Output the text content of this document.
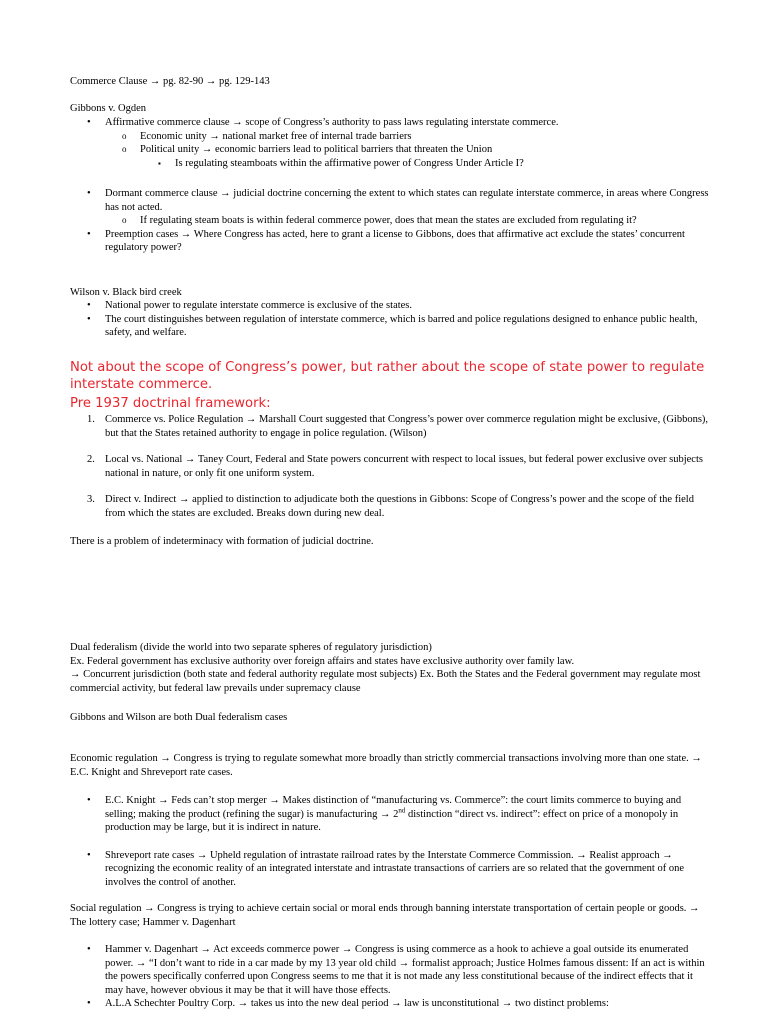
Commerce Clause → pg. 82-90 → pg. 129-143

Gibbons v. Ogden

• Affirmative commerce clause → scope of Congress’s authority to pass laws regulating interstate commerce.
o Economic unity → national market free of internal trade barriers
o Political unity → economic barriers lead to political barriers that threaten the Union
▪ Is regulating steamboats within the affirmative power of Congress Under Article I?
• Dormant commerce clause → judicial doctrine concerning the extent to which states can regulate interstate commerce, in areas where Congress has not acted.
o If regulating steam boats is within federal commerce power, does that mean the states are excluded from regulating it?
• Preemption cases → Where Congress has acted, here to grant a license to Gibbons, does that affirmative act exclude the states’ concurrent regulatory power?

Wilson v. Black bird creek

• National power to regulate interstate commerce is exclusive of the states.
• The court distinguishes between regulation of interstate commerce, which is barred and police regulations designed to enhance public health, safety, and welfare.

Not about the scope of Congress’s power, but rather about the scope of state power to regulate interstate commerce.

Pre 1937 doctrinal framework:

1. Commerce vs. Police Regulation → Marshall Court suggested that Congress’s power over commerce regulation might be exclusive, (Gibbons), but that the States retained authority to engage in police regulation. (Wilson)
2. Local vs. National → Taney Court, Federal and State powers concurrent with respect to local issues, but federal power exclusive over subjects national in nature, or only fit one uniform system.
3. Direct v. Indirect → applied to distinction to adjudicate both the questions in Gibbons: Scope of Congress’s power and the scope of the field from which the states are excluded. Breaks down during new deal.

There is a problem of indeterminacy with formation of judicial doctrine.

Dual federalism (divide the world into two separate spheres of regulatory jurisdiction)

Ex. Federal government has exclusive authority over foreign affairs and states have exclusive authority over family law.

→ Concurrent jurisdiction (both state and federal authority regulate most subjects) Ex. Both the States and the Federal government may regulate most commercial activity, but federal law prevails under supremacy clause

Gibbons and Wilson are both Dual federalism cases

Economic regulation → Congress is trying to regulate somewhat more broadly than strictly commercial transactions involving more than one state. → E.C. Knight and Shreveport rate cases.

• E.C. Knight → Feds can’t stop merger → Makes distinction of “manufacturing vs. Commerce”: the court limits commerce to buying and selling; making the product (refining the sugar) is manufacturing → 2nd distinction “direct vs. indirect”: effect on price of a monopoly in production may be large, but it is indirect in nature.
• Shreveport rate cases → Upheld regulation of intrastate railroad rates by the Interstate Commerce Commission. → Realist approach → recognizing the economic reality of an integrated interstate and intrastate transactions of carriers are so related that the government of one involves the control of another.

Social regulation → Congress is trying to achieve certain social or moral ends through banning interstate transportation of certain people or goods. → The lottery case; Hammer v. Dagenhart

• Hammer v. Dagenhart → Act exceeds commerce power → Congress is using commerce as a hook to achieve a goal outside its enumerated power. → “I don’t want to ride in a car made by my 13 year old child → formalist approach; Justice Holmes famous dissent: If an act is within the powers specifically conferred upon Congress seems to me that it is not made any less constitutional because of the indirect effects that it may have, however obvious it may be that it will have those effects.
• A.L.A Schechter Poultry Corp. → takes us into the new deal period → law is unconstitutional → two distinct problems:
